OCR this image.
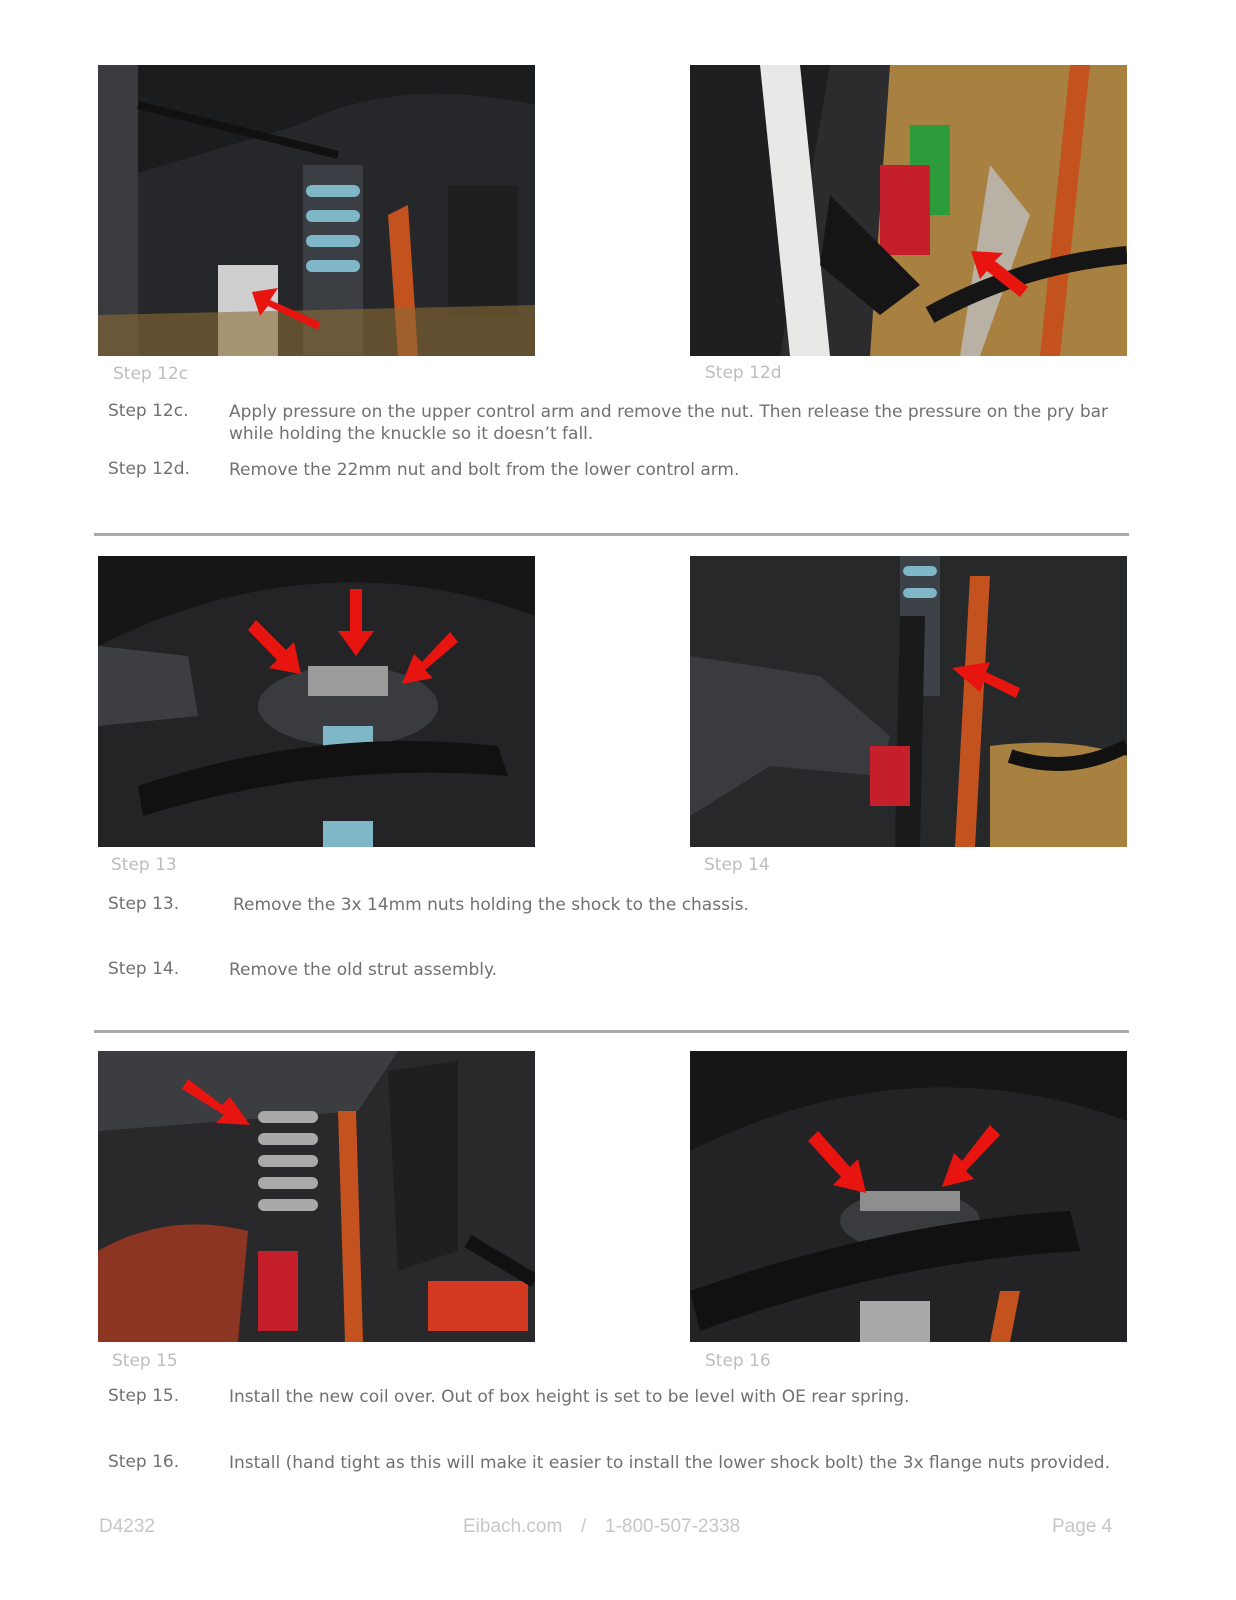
Step 12c	Step 12d
Step 12c. Apply pressure on the upper control arm and remove the nut. Then release the pressure on the pry bar while holding the knuckle so it doesn’t fall.
Step 12d. Remove the 22mm nut and bolt from the lower control arm.
Step 13	Step 14
Step 13.	Remove the 3x 14mm nuts holding the shock to the chassis.
Step 14.	Remove the old strut assembly.
Step 15	Step 16
Step 15.	Install the new coil over. Out of box height is set to be level with OE rear spring.
Step 16.	Install (hand tight as this will make it easier to install the lower shock bolt) the 3x flange nuts provided.
D4232	Eibach.com / 1-800-507-2338	Page 4
